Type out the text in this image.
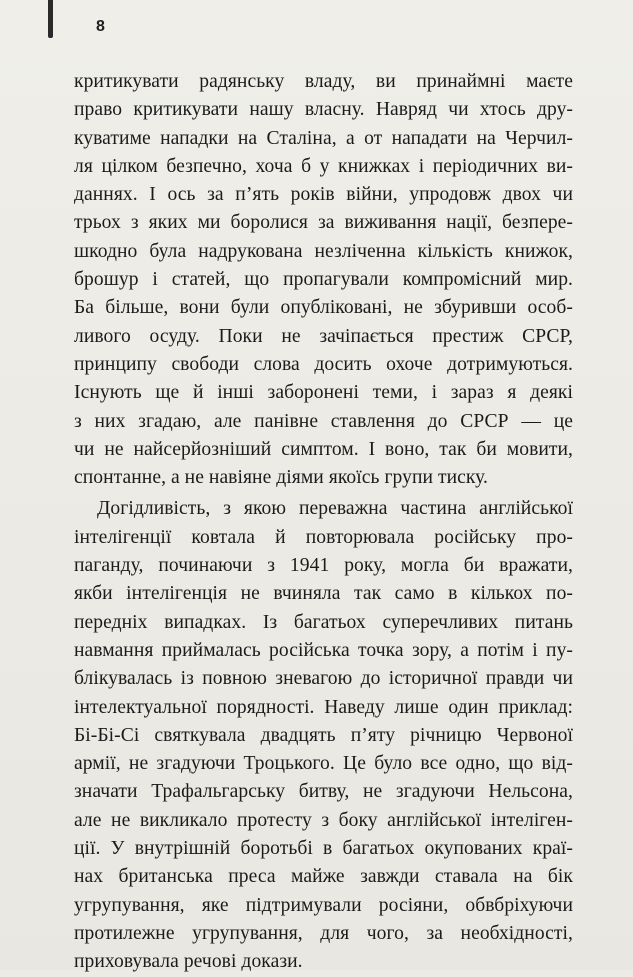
8
критикувати радянську владу, ви принаймні маєте
право критикувати нашу власну. Навряд чи хтось дру-
куватиме нападки на Сталіна, а от нападати на Черчил-
ля цілком безпечно, хоча б у книжках і періодичних ви-
даннях. І ось за п’ять років війни, упродовж двох чи
трьох з яких ми боролися за виживання нації, безпере-
шкодно була надрукована незліченна кількість книжок,
брошур і статей, що пропагували компромісний мир.
Ба більше, вони були опубліковані, не збуривши особ-
ливого осуду. Поки не зачіпається престиж СРСР,
принципу свободи слова досить охоче дотримуються.
Існують ще й інші заборонені теми, і зараз я деякі
з них згадаю, але панівне ставлення до СРСР — це
чи не найсерйозніший симптом. І воно, так би мовити,
спонтанне, а не навіяне діями якоїсь групи тиску.
Догідливість, з якою переважна частина англійської
інтелігенції ковтала й повторювала російську про-
паганду, починаючи з 1941 року, могла би вражати,
якби інтелігенція не вчиняла так само в кількох по-
передніх випадках. Із багатьох суперечливих питань
навмання приймалась російська точка зору, а потім і пу-
блікувалась із повною зневагою до історичної правди чи
інтелектуальної порядності. Наведу лише один приклад:
Бі-Бі-Сі святкувала двадцять п’яту річницю Червоної
армії, не згадуючи Троцького. Це було все одно, що від-
значати Трафальгарську битву, не згадуючи Нельсона,
але не викликало протесту з боку англійської інтеліген-
ції. У внутрішній боротьбі в багатьох окупованих краї-
нах британська преса майже завжди ставала на бік
угрупування, яке підтримували росіяни, обвбріхуючи
протилежне угрупування, для чого, за необхідності,
приховувала речові докази.
